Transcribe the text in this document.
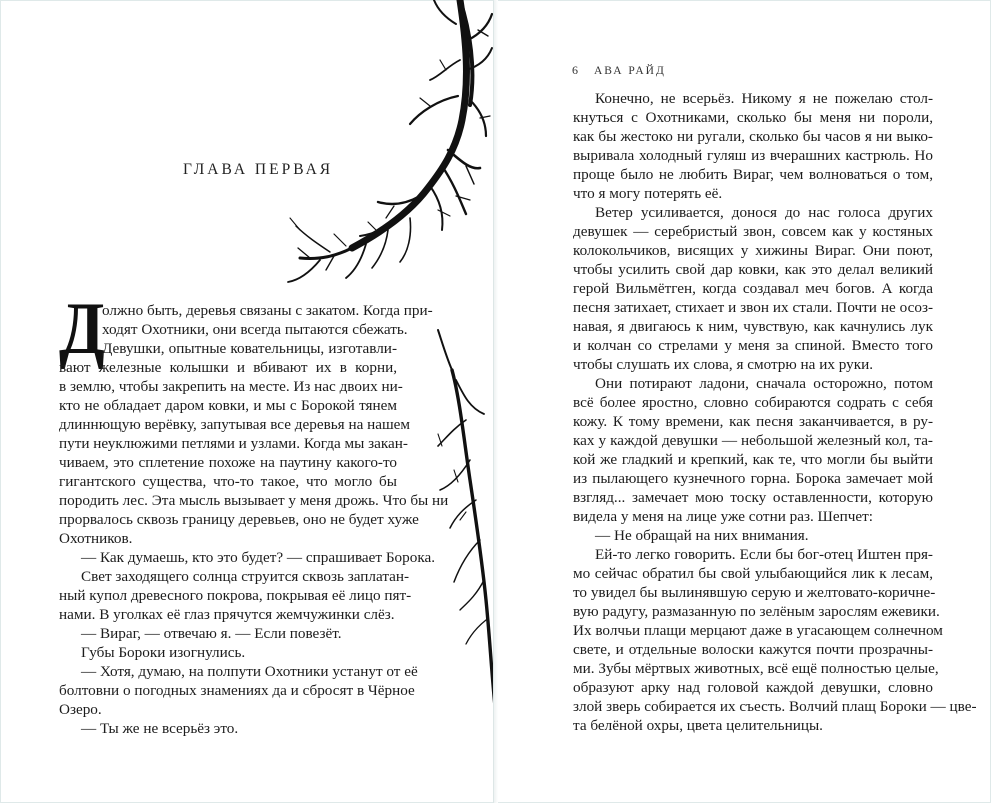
ГЛАВА ПЕРВАЯ
Д
олжно быть, деревья связаны с закатом. Когда при-
ходят Охотники, они всегда пытаются сбежать.
Девушки, опытные ковательницы, изготавли-
вают железные колышки и вбивают их в корни,
в землю, чтобы закрепить на месте. Из нас двоих ни-
кто не обладает даром ковки, и мы с Борокой тянем
длиннющую верёвку, запутывая все деревья на нашем
пути неуклюжими петлями и узлами. Когда мы закан-
чиваем, это сплетение похоже на паутину какого-то
гигантского существа, что-то такое, что могло бы
породить лес. Эта мысль вызывает у меня дрожь. Что бы ни
прорвалось сквозь границу деревьев, оно не будет хуже
Охотников.
— Как думаешь, кто это будет? — спрашивает Борока.
Свет заходящего солнца струится сквозь заплатан-
ный купол древесного покрова, покрывая её лицо пят-
нами. В уголках её глаз прячутся жемчужинки слёз.
— Вираг, — отвечаю я. — Если повезёт.
Губы Бороки изогнулись.
— Хотя, думаю, на полпути Охотники устанут от её
болтовни о погодных знамениях да и сбросят в Чёрное
Озеро.
— Ты же не всерьёз это.
6 АВА РАЙД
Конечно, не всерьёз. Никому я не пожелаю стол-
кнуться с Охотниками, сколько бы меня ни пороли,
как бы жестоко ни ругали, сколько бы часов я ни выко-
выривала холодный гуляш из вчерашних кастрюль. Но
проще было не любить Вираг, чем волноваться о том,
что я могу потерять её.
Ветер усиливается, донося до нас голоса других
девушек — серебристый звон, совсем как у костяных
колокольчиков, висящих у хижины Вираг. Они поют,
чтобы усилить свой дар ковки, как это делал великий
герой Вильмётген, когда создавал меч богов. А когда
песня затихает, стихает и звон их стали. Почти не осоз-
навая, я двигаюсь к ним, чувствую, как качнулись лук
и колчан со стрелами у меня за спиной. Вместо того
чтобы слушать их слова, я смотрю на их руки.
Они потирают ладони, сначала осторожно, потом
всё более яростно, словно собираются содрать с себя
кожу. К тому времени, как песня заканчивается, в ру-
ках у каждой девушки — небольшой железный кол, та-
кой же гладкий и крепкий, как те, что могли бы выйти
из пылающего кузнечного горна. Борока замечает мой
взгляд... замечает мою тоску оставленности, которую
видела у меня на лице уже сотни раз. Шепчет:
— Не обращай на них внимания.
Ей-то легко говорить. Если бы бог-отец Иштен пря-
мо сейчас обратил бы свой улыбающийся лик к лесам,
то увидел бы вылинявшую серую и желтовато-коричне-
вую радугу, размазанную по зелёным зарослям ежевики.
Их волчьи плащи мерцают даже в угасающем солнечном
свете, и отдельные волоски кажутся почти прозрачны-
ми. Зубы мёртвых животных, всё ещё полностью целые,
образуют арку над головой каждой девушки, словно
злой зверь собирается их съесть. Волчий плащ Бороки — цве-
та белёной охры, цвета целительницы.
